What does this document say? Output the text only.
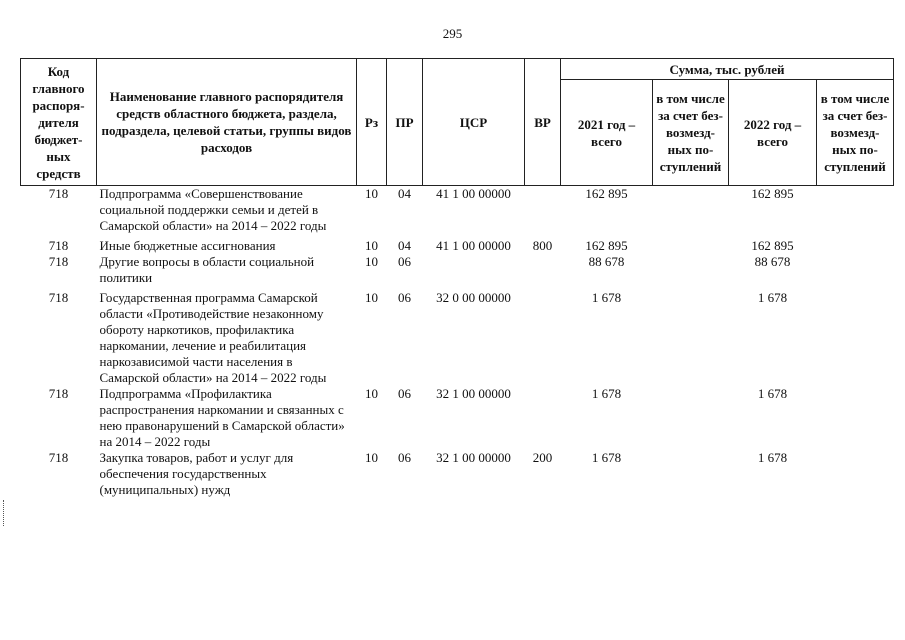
295
Код главного распоря-дителя бюджет-ных средств	Наименование главного распорядителя средств областного бюджета, раздела, подраздела, целевой статьи, группы видов расходов	Рз	ПР	ЦСР	ВР	Сумма, тыс. рублей			
						2021 год – всего	в том числе за счет без-возмезд-ных по-ступлений	2022 год – всего	в том числе за счет без-возмезд-ных по-ступлений
718	Подпрограмма «Совершенствование социальной поддержки семьи и детей в Самарской области» на 2014 – 2022 годы	10	04	41 1 00 00000		162 895		162 895	
718	Иные бюджетные ассигнования	10	04	41 1 00 00000	800	162 895		162 895	
718	Другие вопросы в области социальной политики	10	06			88 678		88 678	
718	Государственная программа Самарской области «Противодействие незаконному обороту наркотиков, профилактика наркомании, лечение и реабилитация наркозависимой части населения в Самарской области» на 2014 – 2022 годы	10	06	32 0 00 00000		1 678		1 678	
718	Подпрограмма «Профилактика распространения наркомании и связанных с нею правонарушений в Самарской области» на 2014 – 2022 годы	10	06	32 1 00 00000		1 678		1 678	
718	Закупка товаров, работ и услуг для обеспечения государственных (муниципальных) нужд	10	06	32 1 00 00000	200	1 678		1 678	
